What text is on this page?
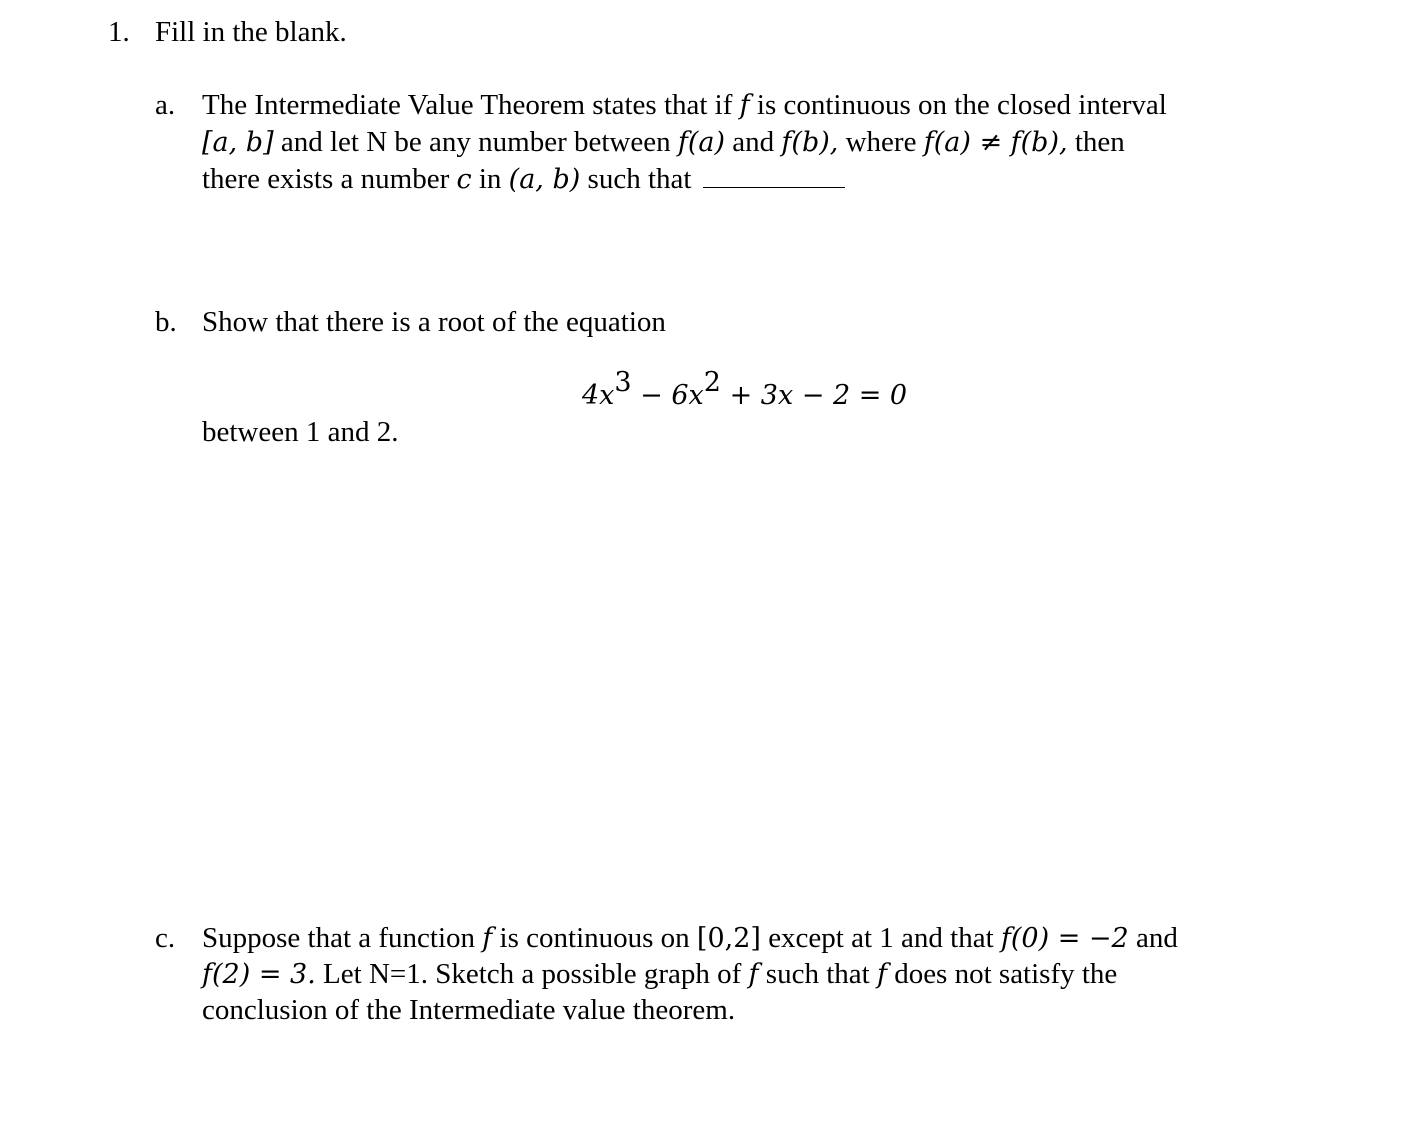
1. Fill in the blank.
a. The Intermediate Value Theorem states that if f is continuous on the closed interval
[a, b] and let N be any number between f(a) and f(b), where f(a) ≠ f(b), then
there exists a number c in (a, b) such that
b. Show that there is a root of the equation
$4x^3 - 6x^2 + 3x - 2 = 0$
between 1 and 2.
c. Suppose that a function f is continuous on [0,2] except at 1 and that f(0) = −2 and
f(2) = 3. Let N=1. Sketch a possible graph of f such that f does not satisfy the
conclusion of the Intermediate value theorem.
